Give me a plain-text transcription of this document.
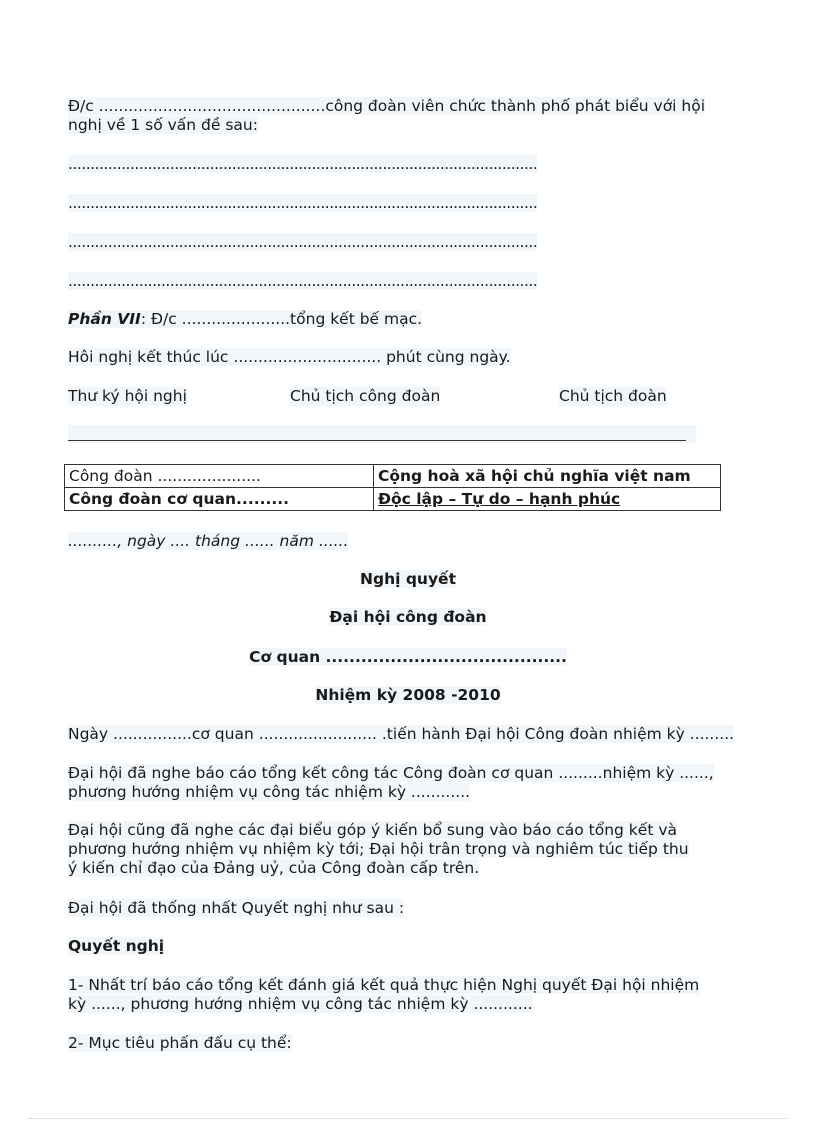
Đ/c ..............................................công đoàn viên chức thành phố phát biểu với hội

nghị về 1 số vấn đề sau:

..........................................................................................................

..........................................................................................................

..........................................................................................................

..........................................................................................................

Phần VII: Đ/c ......................tổng kết bế mạc.

Hôi nghị kết thúc lúc .............................. phút cùng ngày.

Thư ký hội nghị	Chủ tịch công đoàn	Chủ tịch đoàn
Công đoàn .....................	Cộng hoà xã hội chủ nghĩa việt nam
Công đoàn cơ quan.........	Độc lập – Tự do – hạnh phúc

.........., ngày .... tháng ...... năm ......

Nghị quyết

Đại hội công đoàn

Cơ quan .........................................

Nhiệm kỳ 2008 -2010

Ngày ................cơ quan ........................ .tiến hành Đại hội Công đoàn nhiệm kỳ .........

Đại hội đã nghe báo cáo tổng kết công tác Công đoàn cơ quan .........nhiệm kỳ ......,

phương hướng nhiệm vụ công tác nhiệm kỳ ............

Đại hội cũng đã nghe các đại biểu góp ý kiến bổ sung vào báo cáo tổng kết và

phương hướng nhiệm vụ nhiệm kỳ tới; Đại hội trân trọng và nghiêm túc tiếp thu

ý kiến chỉ đạo của Đảng uỷ, của Công đoàn cấp trên.

Đại hội đã thống nhất Quyết nghị như sau :

Quyết nghị

1- Nhất trí báo cáo tổng kết đánh giá kết quả thực hiện Nghị quyết Đại hội nhiệm

kỳ ......, phương hướng nhiệm vụ công tác nhiệm kỳ ............

2- Mục tiêu phấn đấu cụ thể:
